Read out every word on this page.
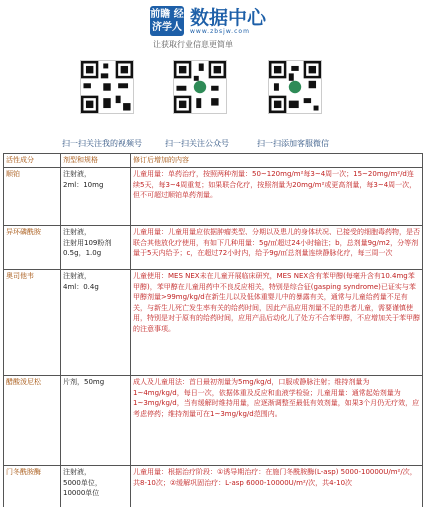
前瞻 经济学人 数据中心
www.zbsjw.com
让获取行业信息更简单
扫一扫关注我的视频号	扫一扫关注公众号	扫一扫添加客服微信
活性成分	剂型和规格	修订后增加的内容
顺铂	注射液，
2ml：10mg	儿童用量：单药治疗，按照两种剂量：50~120mg/m²每3~4周一次；15~20mg/m²/d连续5天，每3~4周重复；如果联合化疗，按照剂量为20mg/m²或更高剂量，每3~4周一次，但不可超过顺铂单药剂量。
异环磷酰胺	注射液，
注射用109粉剂
0.5g，1.0g	儿童用量：儿童用量应依据肿瘤类型、分期以及患儿的身体状况、已接受的细胞毒药物，是否联合其他放化疗使用，有如下几种用量：5g/㎡超过24小时输注；b，总剂量9g/m2，分等剂量于5天内给予；c，在超过72小时内，给予9g/㎡总剂量连续静脉化疗，每三周一次
奥司他韦	注射液，
4ml：0.4g	儿童使用：MES NEX未在儿童开展临床研究，MES NEX含有苯甲醇(每毫升含有10.4mg苯甲醇)，苯甲醇在儿童用药中不良反应相关，特别是综合征(gasping syndrome)已证实与苯甲醇剂量>99mg/kg/d在新生儿以及低体重婴儿中的暴露有关，通常与儿童给药量不足有关，与新生儿死亡发生率有关的给药时间，因此产品应用剂量不足的患者儿童，需要谨慎使用，特别是对于原有的给药时间，应用产品后动化儿了处方不合苯甲醇，不应增加关于苯甲醇的注意事项。
醋酸泼尼松	片剂，50mg	成人及儿童用法：首日最初剂量为5mg/kg/d，口服或静脉注射；维持剂量为1~4mg/kg/d，每日一次，依据体重及反应和血液学检验；儿童用量：通常起始剂量为1~3mg/kg/d，当有缓解时维持用量，应逐渐调整至最低有效剂量，如果3个月仍无疗效，应考虑停药；维持剂量可在1~3mg/kg/d范围内。
门冬酰胺酶	注射液，
5000单位，
10000单位	儿童用量：根据治疗阶段：①诱导期治疗：在施门冬酰胺酶(L-asp) 5000-10000U/m²/次，共8-10次；②缓解巩固治疗：L-asp 6000-10000U/m²/次，共4-10次
